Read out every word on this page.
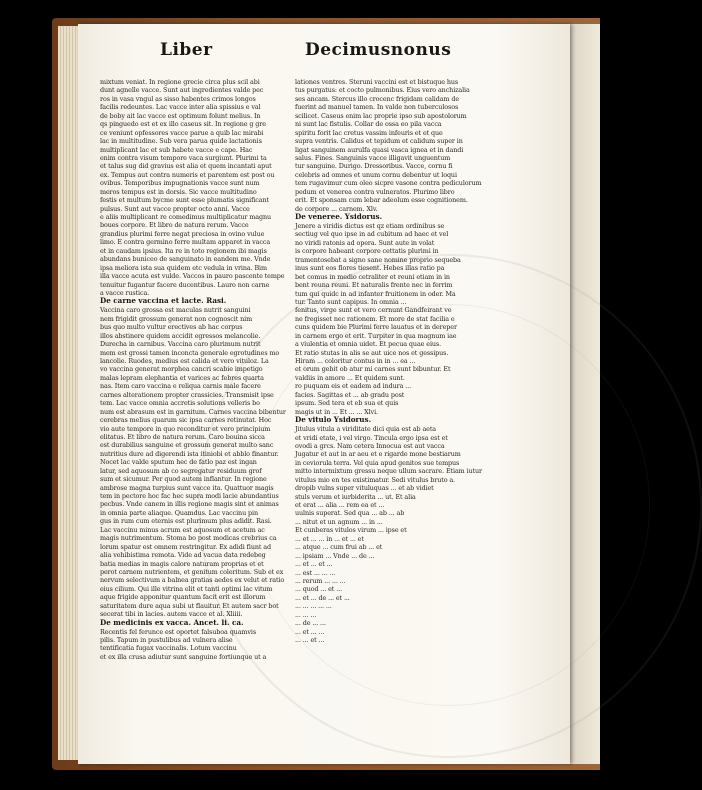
Liber	Decimusnonus
mixtum veniat. In regione grecie circa plus scil abi
dunt agnelle vacce. Sunt aut ingredientes valde pec
ros in vasa vngul as sisso habentes crimos longos
facilis redeuntes. Lac vacce inter alia spissius e val
de boby ait lac vacce est optimum folunt melius. In
qs pinguedo est et ex illo caseus sit. In regione g gre
ce veniunt opfessores vacce parue a quib lac mirabi
lac in multitudine. Sub vera parua quide lactationis
multiplicant lac et sub habete vacce e cape. Hac
enim contra visum tempore vaca surgiunt. Plurimi ta
et talus sug did gravius est alia et quem incantati aput
ex. Tempus aut contra numeris et parentem est post ou
ovibus. Temporibus impugnationis vacce sunt num
meros tempus est in dorsis. Sic vacce multitudino
festis et multum bycme sunt esse plumatis significant
pulsus. Sunt aut vacce propter octo anni. Vacce
e aliis multiplicant re comedimus multiplicatur magnu
boues corpore. Et libro de natura rerum. Vacce
grandius plurimi ferre negat preciosa in ovino vulue
limo. E contra germino ferre multam apparet in vacca
et in caudam ipsius. Ita re in toto regionem ibi magis
abundans buniceo de sanguinato in eandem me. Vnde
ipsa meliora ista sua quidem etc vedula in vrina. Bim
illa vacce acuta est vulde. Vaccos in pauro pascente tempe
tenuitur fugantur facere ducentibus. Lauro non carne
a vacce rustica.
De carne vaccina et lacte. Rasi.
Vaccina caro grossa est maculas nutrit sanguini
nem frigidit grossum generat non cognoscit nim
bus quo multo vultur erectives ab hac corpus
illos abstinere quidem accidit egressos melancolie.
Durecha in carnibus. Vaccina caro plurimum nutrit
mem est grossi tamen inconcta generale egrotudines mo
lancolie. Ruodes, medius est calida et vero vituloz. La
vo vaccina generat morphea cancri scabie impetigo
malas lepram elephantia et varices ac febres quarta
nas. Item caro vaccina e reliqua carnis male facere
carnes alterationem propter crassicies. Transmisit ipse
tem. Lac vacce omnia accretis solutions velleris bo
num est abrasum est in garnitum. Carnes vaccina bibentur
cerebras melius quarum sic ipsa carnes retinutat. Hoc
vio aute tempore in quo reconditur et vero principium
elitatus. Et libro de natura rerum. Caro bouina sicca
est durabilius sanguine et grossum generat multo sanc
nutritius dure ad digerendi ista itiniobi et abblo finantur.
Nocet lac valde sputum hec de fatlo paz est ingan
latur, sed aquosum ab co segregatur residuum grof
sum et sicumur. Per quod autem inflantur. In regione
ambrose magna turpius sunt vacce ita. Quattuor magis
tem in pectore hoc fac hec supra modi lacie abundantius
pecbus. Vnde canem in illis regione magis sint et animas
in omnia parte aliaque. Quamdus. Lac vaccinu pin
gus in rum cum eternis est plurimum plus adidit. Rasi.
Lac vaccinu minus acrum est aquosum et acetum ac
magis nutrimentum. Stoma bo post modicas crebrius ca
lorum spatur est omnem restringitur. Ex adidi fiunt ad
alia vehibistima remota. Vide ad vacua data redebeg
batia medias in magis calore naturam proprias et et
perot carnem nutrientem, et genitum coleritum. Sub et ex
nervum selectivum a balnea gratias aedes ex velut et ratio
eius cilium. Qui ille vitrina elit et tanti optimi lac vitum
aque frigide apponitur quantum facit erit est illorum
saturitatem dure aqua subi ut flauitur. Et autem sacr bot
secerat tibi in lacies. autem vacce et al. Xliiii.
De medicinis ex vacca. Ancet. li. ca.
Recentis fel ferunce est oportet falsuboa quamvis
pilis. Tapum in pustulibus ad vulnera alise
tentificatia fugax vaccinalis. Lotum vaccinu
et ex illa crusa adiutur sunt sanguine fortiunque ut a
lationes ventres. Steruni vaccini est et bistuque hus
tus purgatus: et cocto pulmonibus. Eius vero anchizalia
ses ancam. Stercus illo crocenc frigidam calidam de
fuerint ad manuel tamen. In valde non tuberculosos
scilicet. Caseus enim lac proprie ipso sub apostolorum
ni sunt lac fistulis. Collar de ossa eo pila vacca
spiritu forit lac cretus vassim infeuris et et que
supra ventris. Calidus et tepidum et calidum super in
ligat sanguinem aurulfa quasi vasca ignea et in dandi
salus. Fines. Sanguinis vacce illigavit unguentum
tur sanguine. Durigo. Dressoribus. Vacce, cornu fi
celebris ad omnes et unum cornu debentur ut loqui
tem rugavimur cum oleo sicpre vasone contra pediculorum
pedum et venerea contra vulneratos. Plurimo libro
erit. Et sponsam cum lebar adeolum esse cognitionem.
de corpore ... carnem. Xlv.
De veneree. Ysidorus.
Jenere a viridis dictus est qz etiam ordinibus se
sectiug vel quo ipse in ad cubitum ad haec et vel
no viridi ratonis ad opera. Sunt aute in volat
is corpore habeant corpore cettatis plurimi in
tramentosebat a signo sane nomine proprio sequeba
inus sunt eos flores tiesent. Hebes illas ratio pa
bet comus in medio cetraliter et reuni etiam in in
bent reuna reuni. Et naturalis frente nec in ferrim
tum qui quidc in ad infanter fruitionem in oder. Ma
tur. Tanto sunt capipus. In omnia ...
fenitus, virge sunt et vero cernunt Gandfeirant ve
ne fregisset nec rationem. Et more de stat facilia e
cuns quidem bie Plurimi ferre lauatus et in dereper
in carnem ergo et erit. Turpiter in qua magnum iae
a viulentia et omnia uidet. Et pecua quae eius.
Et ratio stutas in alis se aut uice nos et gessipus.
Hiram ... coloritur contus in in ... ea ...
et orum gebit ob atur mi carnes sunt bibuntur. Et
valdiis in amore ... Et quidem sunt.
ro puquam eis et eadem ad indura ...
facies. Sagittas et ... ab gradu post
ipsum. Sed tera et eb sua et quis
magis ut in ... Et ... ... Xlvi.
De vitulo Ysidorus.
Jitulus vitula a viriditate dici quia est ab aeta
et vridi etate, i vel virgo. Tincula ergo ipsa est et
ovodi a grcs. Nam cetera Innocua est aut vacca
Jugatur et aut in ar aeu et e rigarde mone bestiarum
in ceviorula terra. Vel quia apud genitos sue tempus
mitto intermixtum gressu neque ullum sacrare. Etiam iutur
vitulus mio en tes existimatur. Sedi vitulus bruto a.
dropib vulns super vituluquas ... et ab vidiet
stuls verum et iurbiderita ... ut. Et alia
et erat ... alia ... rem ea et ...
uulnis superat. Sed qua ... ab ... ab
... nitut et un agnum ... in ...
Et cunberas vitulos virum ... ipse et
... et ... ... in ... et ... et
... atque ... cum frui ab ... et
... ipsiam ... Vnde ... de ...
... et ... et ...
... est ... ... ...
... rerum ... ... ...
... quod ... et ...
... et ... de ... et ...
... ... ... ... ...
... ... ...
... de ... ...
... et ... ...
... ... et ...
